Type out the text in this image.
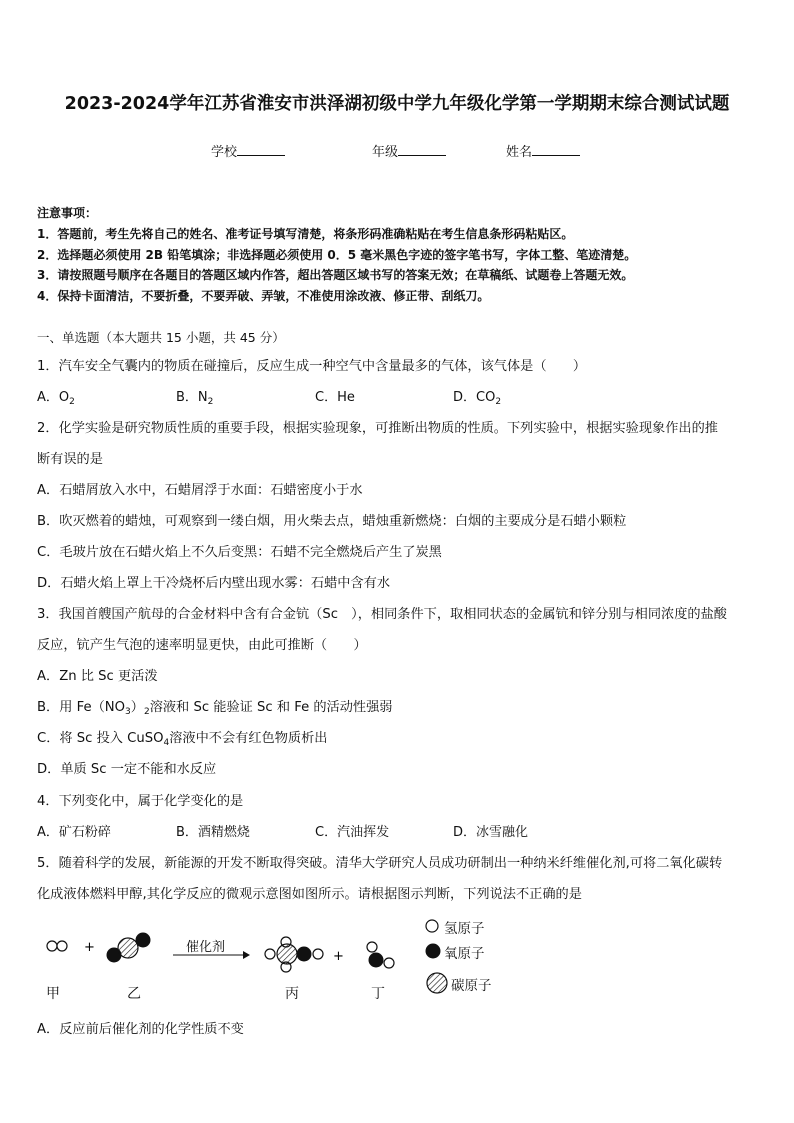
2023-2024学年江苏省淮安市洪泽湖初级中学九年级化学第一学期期末综合测试试题
学校	年级	姓名
注意事项：
1．答题前，考生先将自己的姓名、准考证号填写清楚，将条形码准确粘贴在考生信息条形码粘贴区。
2．选择题必须使用 2B 铅笔填涂；非选择题必须使用 0．5 毫米黑色字迹的签字笔书写，字体工整、笔迹清楚。
3．请按照题号顺序在各题目的答题区域内作答，超出答题区域书写的答案无效；在草稿纸、试题卷上答题无效。
4．保持卡面清洁，不要折叠，不要弄破、弄皱，不准使用涂改液、修正带、刮纸刀。
一、单选题（本大题共 15 小题，共 45 分）
1．汽车安全气囊内的物质在碰撞后，反应生成一种空气中含量最多的气体，该气体是（　　）
A．$O_2$	B．$N_2$	C．He	D．$CO_2$
2．化学实验是研究物质性质的重要手段，根据实验现象，可推断出物质的性质。下列实验中，根据实验现象作出的推
断有误的是
A．石蜡屑放入水中，石蜡屑浮于水面：石蜡密度小于水
B．吹灭燃着的蜡烛，可观察到一缕白烟，用火柴去点，蜡烛重新燃烧：白烟的主要成分是石蜡小颗粒
C．毛玻片放在石蜡火焰上不久后变黑：石蜡不完全燃烧后产生了炭黑
D．石蜡火焰上罩上干冷烧杯后内壁出现水雾：石蜡中含有水
3．我国首艘国产航母的合金材料中含有合金钪（Sc　），相同条件下，取相同状态的金属钪和锌分别与相同浓度的盐酸
反应，钪产生气泡的速率明显更快，由此可推断（　　）
A．Zn 比 Sc 更活泼
B．用 $Fe(NO_3)_2$溶液和 Sc 能验证 Sc 和 Fe 的活动性强弱
C．将 Sc 投入 CuSO$_4$溶液中不会有红色物质析出
D．单质 Sc 一定不能和水反应
4．下列变化中，属于化学变化的是
A．矿石粉碎	B．酒精燃烧	C．汽油挥发	D．冰雪融化
5．随着科学的发展，新能源的开发不断取得突破。清华大学研究人员成功研制出一种纳米纤维催化剂,可将二氧化碳转
化成液体燃料甲醇,其化学反应的微观示意图如图所示。请根据图示判断，下列说法不正确的是
+
+
催化剂
甲	乙	丙	丁
氢原子
氧原子
碳原子
A．反应前后催化剂的化学性质不变
